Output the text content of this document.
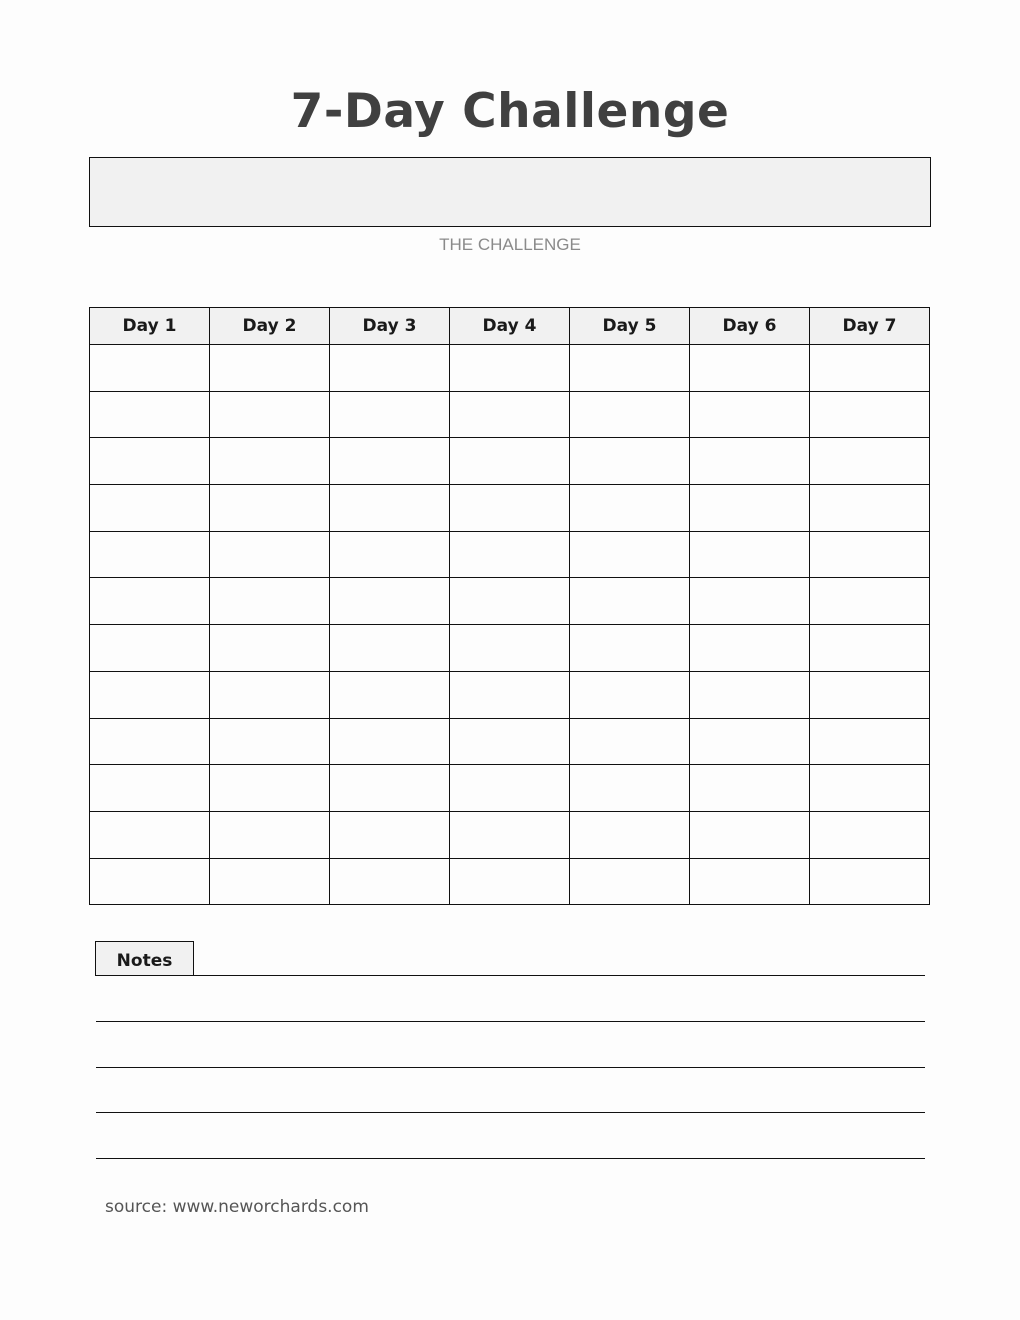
7-Day Challenge
THE CHALLENGE
Day 1	Day 2	Day 3	Day 4	Day 5	Day 6	Day 7

Notes
source: www.neworchards.com
